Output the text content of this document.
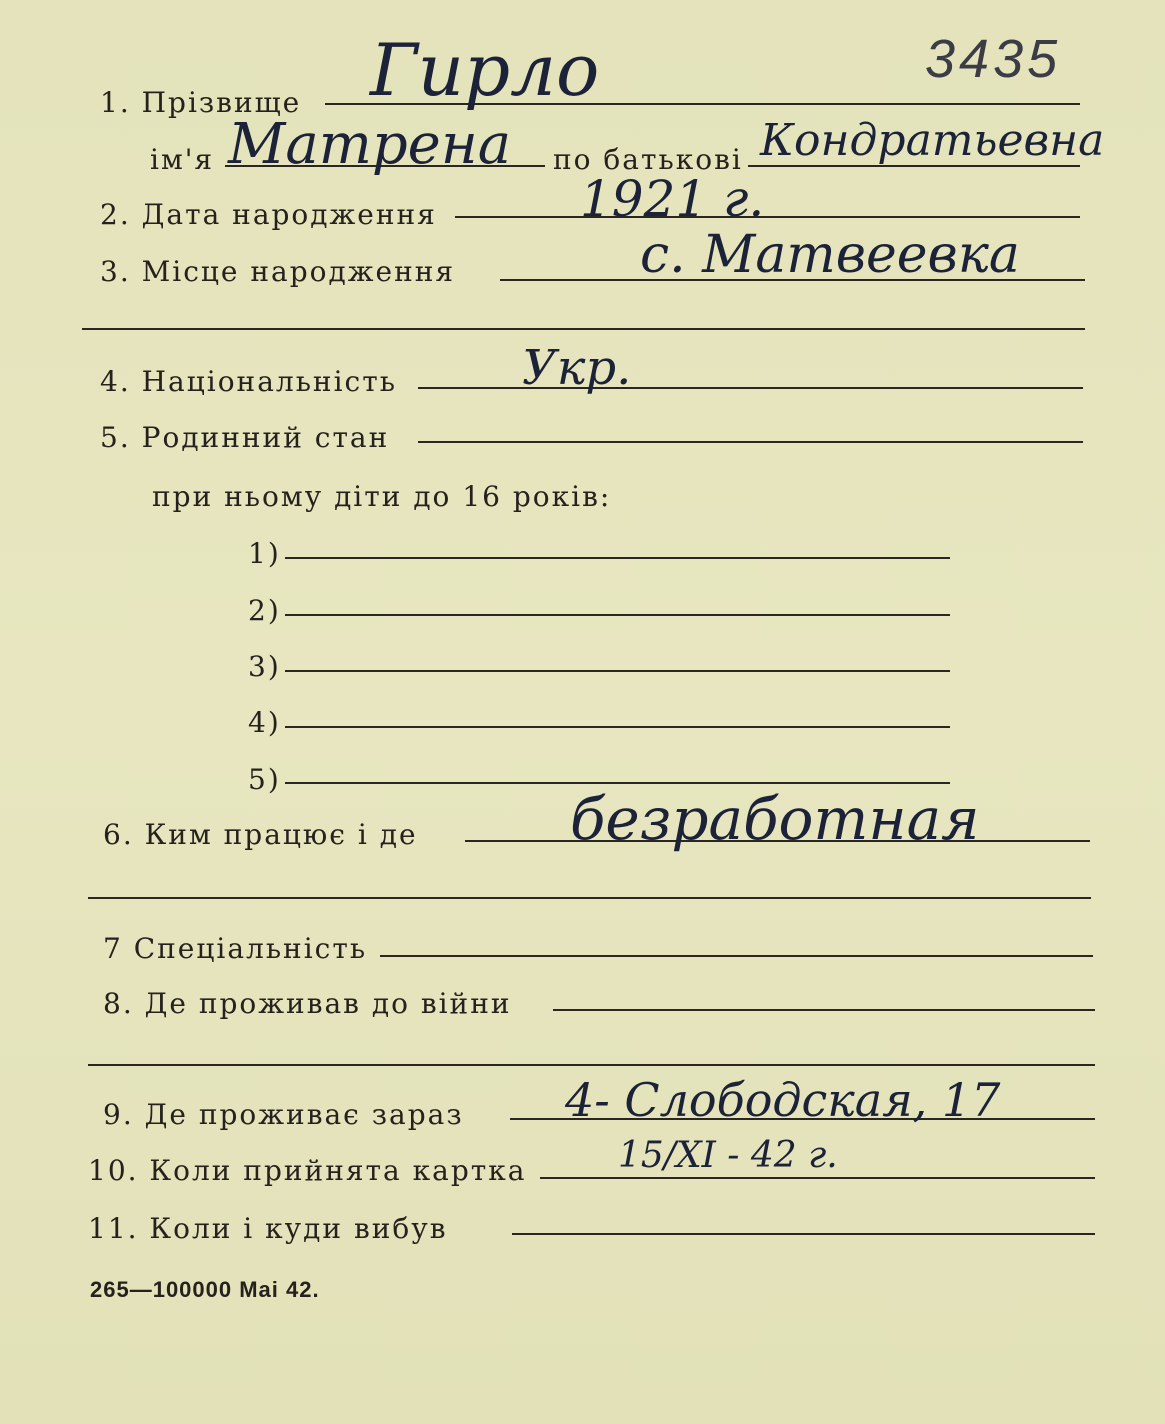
3435
1. Прізвище Гирло
ім'я Матрена по батькові Кондратьевна
2. Дата народження	1921 г.
3. Місце народження	с. Матвеевка
4. Національність	Укр.
5. Родинний стан
при ньому діти до 16 років:
1)
2)
3)
4)
5)
6. Ким працює і де	безработная
7 Спеціальність
8. Де проживав до війни
9. Де проживає зараз 4- Слободская, 17
10. Коли прийнята картка	15/XI - 42 г.
11. Коли і куди вибув
265—100000 Mai 42.
